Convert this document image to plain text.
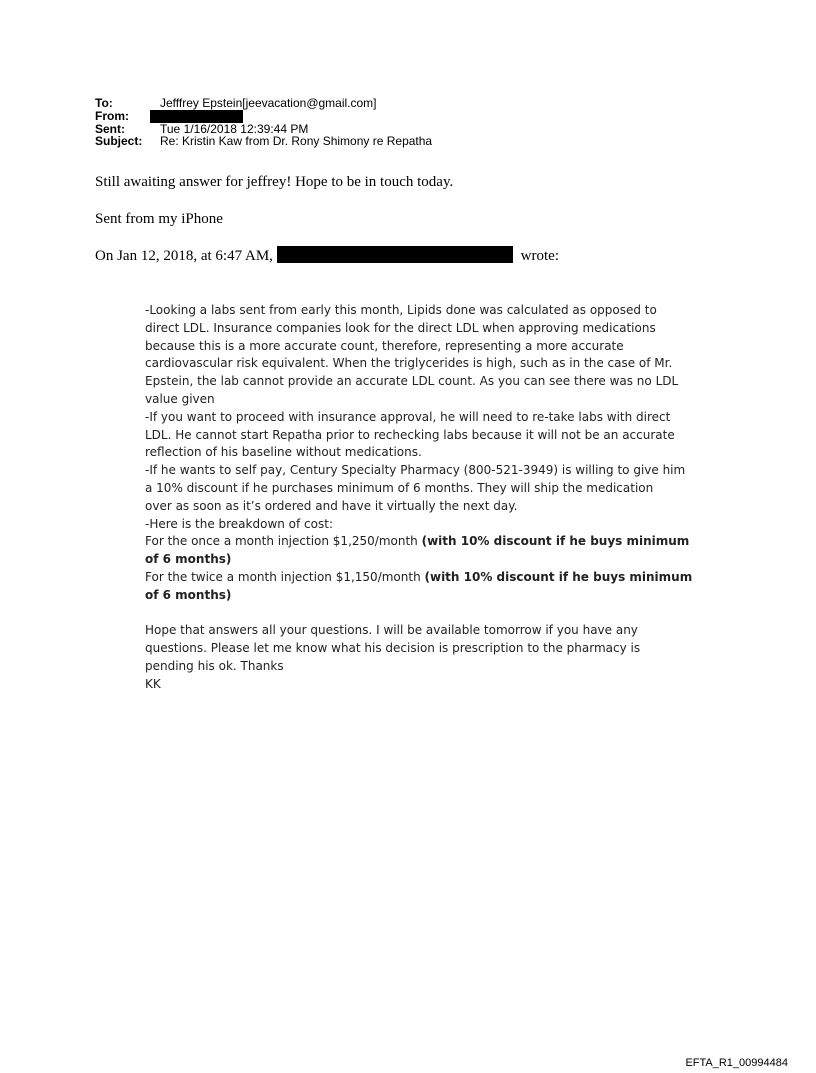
To:	Jefffrey Epstein[jeevacation@gmail.com]
From:
Sent:	Tue 1/16/2018 12:39:44 PM
Subject:	Re: Kristin Kaw from Dr. Rony Shimony re Repatha
Still awaiting answer for jeffrey! Hope to be in touch today.
Sent from my iPhone
On Jan 12, 2018, at 6:47 AM,	wrote:
-Looking a labs sent from early this month, Lipids done was calculated as opposed to
direct LDL. Insurance companies look for the direct LDL when approving medications
because this is a more accurate count, therefore, representing a more accurate
cardiovascular risk equivalent. When the triglycerides is high, such as in the case of Mr.
Epstein, the lab cannot provide an accurate LDL count. As you can see there was no LDL
value given
-If you want to proceed with insurance approval, he will need to re-take labs with direct
LDL. He cannot start Repatha prior to rechecking labs because it will not be an accurate
reflection of his baseline without medications.
-If he wants to self pay, Century Specialty Pharmacy (800-521-3949) is willing to give him
a 10% discount if he purchases minimum of 6 months. They will ship the medication
over as soon as it’s ordered and have it virtually the next day.
-Here is the breakdown of cost:
For the once a month injection $1,250/month (with 10% discount if he buys minimum
of 6 months)
For the twice a month injection $1,150/month (with 10% discount if he buys minimum
of 6 months)
Hope that answers all your questions. I will be available tomorrow if you have any
questions. Please let me know what his decision is prescription to the pharmacy is
pending his ok. Thanks
KK
EFTA_R1_00994484
